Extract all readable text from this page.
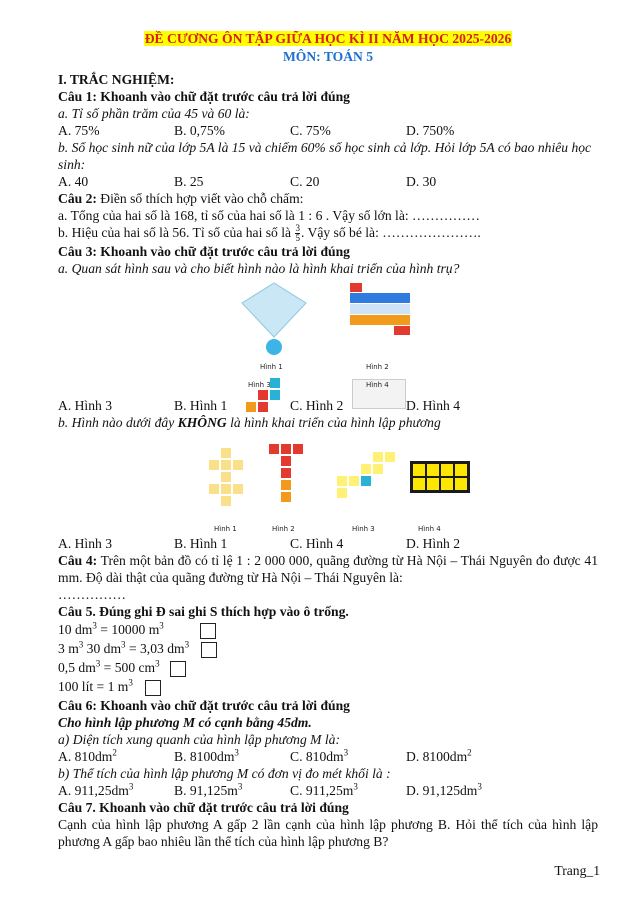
ĐỀ CƯƠNG ÔN TẬP GIỮA HỌC KÌ II NĂM HỌC 2025-2026

MÔN: TOÁN 5

I. TRẮC NGHIỆM:

Câu 1: Khoanh vào chữ đặt trước câu trả lời đúng

a. Tỉ số phần trăm của 45 và 60 là:

A. 75%	B. 0,75%	C. 75%	D. 750%

b. Số học sinh nữ của lớp 5A là 15 và chiếm 60% số học sinh cả lớp. Hỏi lớp 5A có bao nhiêu học sinh:

A. 40	B. 25	C. 20	D. 30

Câu 2: Điền số thích hợp viết vào chỗ chấm:

a. Tổng của hai số là 168, tỉ số của hai số là 1 : 6 . Vậy số lớn là: ……………

b. Hiệu của hai số là 56. Tỉ số của hai số là $\frac{3}{5}$ . Vậy số bé là: ………………….

Câu 3: Khoanh vào chữ đặt trước câu trả lời đúng

a. Quan sát hình sau và cho biết hình nào là hình khai triển của hình trụ?

Hình 1	Hình 2
Hình 3	Hình 4
A. Hình 3	B. Hình 1	C. Hình 2	D. Hình 4

b. Hình nào dưới đây KHÔNG là hình khai triển của hình lập phương

Hình 1	Hình 2	Hình 3	Hình 4
A. Hình 3	B. Hình 1	C. Hình 4	D. Hình 2

Câu 4: Trên một bản đồ có tỉ lệ 1 : 2 000 000, quãng đường từ Hà Nội – Thái Nguyên đo được 41 mm. Độ dài thật của quãng đường từ Hà Nội – Thái Nguyên là:

……………

Câu 5. Đúng ghi Đ sai ghi S thích hợp vào ô trống.

10 $dm^3 = 10000$ $m^3$

3 $m^3$ 30 $dm^3 = 3,03$ $dm^3$

0,5 $dm^3 = 500$ $cm^3$

100 lít = 1 $m^3$

Câu 6: Khoanh vào chữ đặt trước câu trả lời đúng

Cho hình lập phương M có cạnh bằng 45dm.

a) Diện tích xung quanh của hình lập phương M là:

A. $810dm^2$	B. $8100dm^3$	C. $810dm^3$	D. $8100dm^2$

b) Thể tích của hình lập phương M có đơn vị đo mét khối là :

A. $911,25dm^3$	B. $91,125m^3$	C. $911,25m^3$	D. $91,125dm^3$

Câu 7. Khoanh vào chữ đặt trước câu trả lời đúng

Cạnh của hình lập phương A gấp 2 lần cạnh của hình lập phương B. Hỏi thể tích của hình lập phương A gấp bao nhiêu lần thể tích của hình lập phương B?

Trang_1
